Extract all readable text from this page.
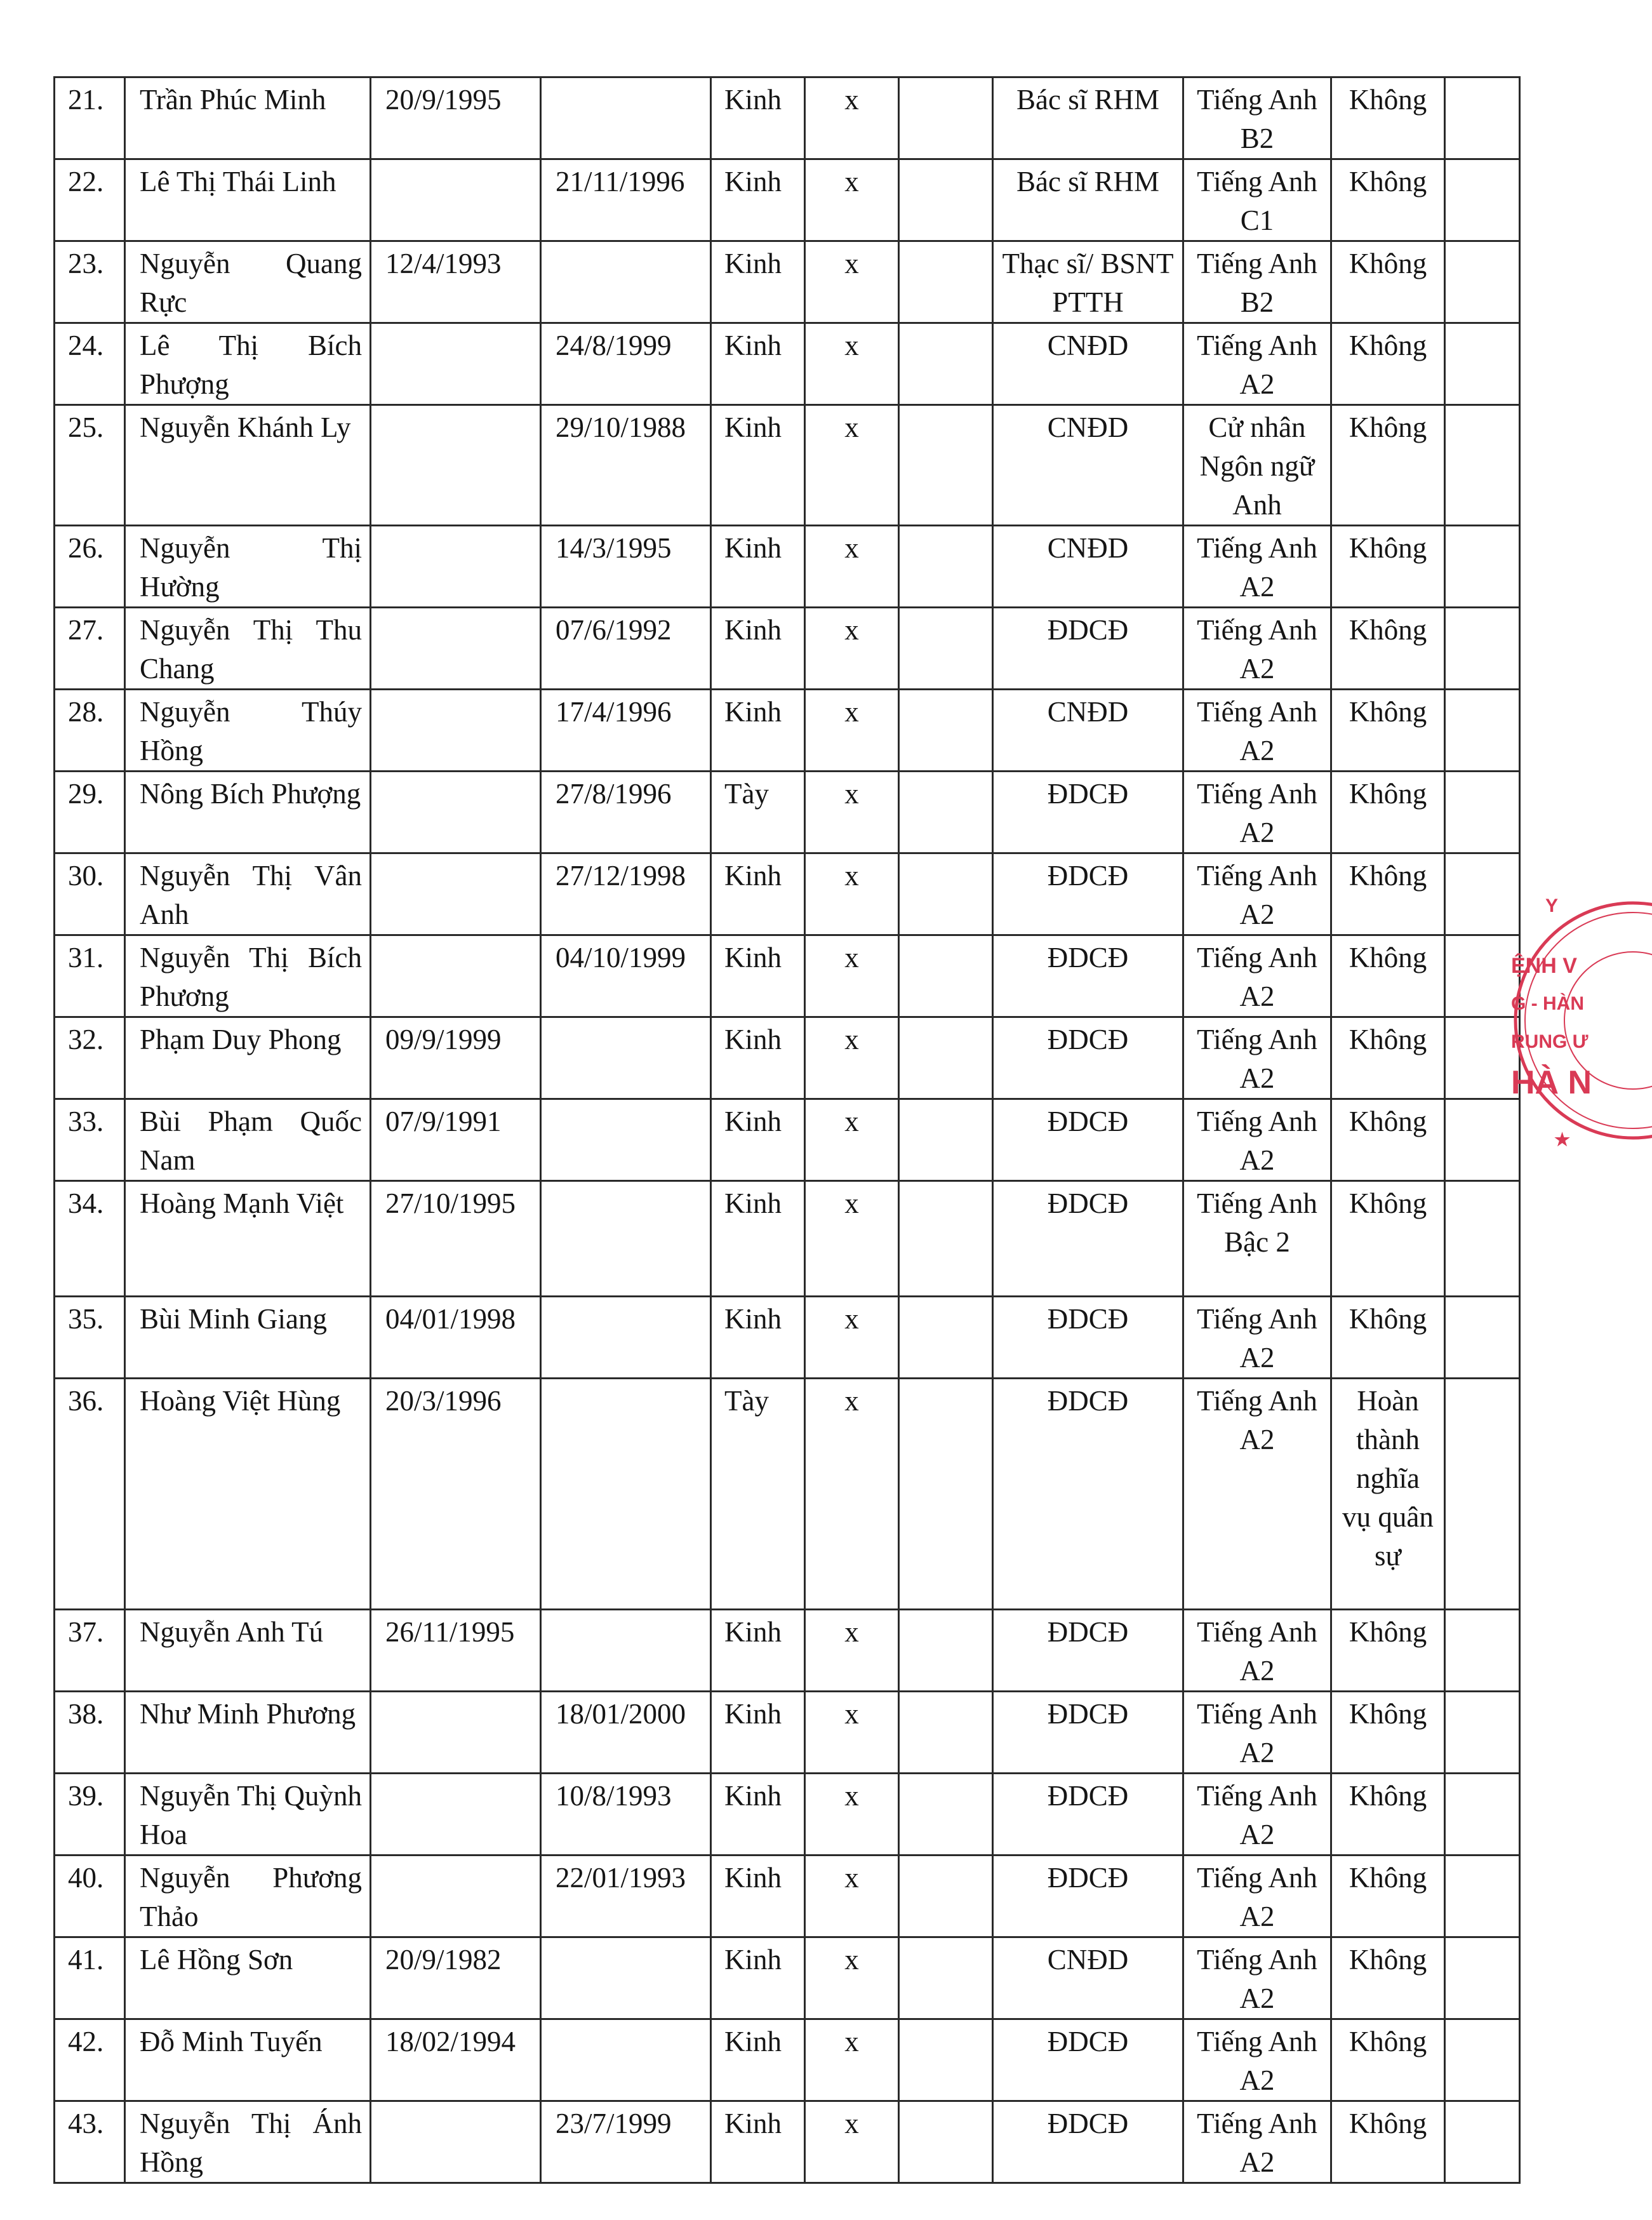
21.	Trần Phúc Minh	20/9/1995		Kinh	x		Bác sĩ RHM	Tiếng Anh B2	Không	
22.	Lê Thị Thái Linh		21/11/1996	Kinh	x		Bác sĩ RHM	Tiếng Anh C1	Không	
23.	Nguyễn Quang Rực	12/4/1993		Kinh	x		Thạc sĩ/ BSNT PTTH	Tiếng Anh B2	Không	
24.	Lê Thị Bích Phượng		24/8/1999	Kinh	x		CNĐD	Tiếng Anh A2	Không	
25.	Nguyễn Khánh Ly		29/10/1988	Kinh	x		CNĐD	Cử nhân Ngôn ngữ Anh	Không	
26.	Nguyễn Thị Hường		14/3/1995	Kinh	x		CNĐD	Tiếng Anh A2	Không	
27.	Nguyễn Thị Thu Chang		07/6/1992	Kinh	x		ĐDCĐ	Tiếng Anh A2	Không	
28.	Nguyễn Thúy Hồng		17/4/1996	Kinh	x		CNĐD	Tiếng Anh A2	Không	
29.	Nông Bích Phượng		27/8/1996	Tày	x		ĐDCĐ	Tiếng Anh A2	Không	
30.	Nguyễn Thị Vân Anh		27/12/1998	Kinh	x		ĐDCĐ	Tiếng Anh A2	Không	
31.	Nguyễn Thị Bích Phương		04/10/1999	Kinh	x		ĐDCĐ	Tiếng Anh A2	Không	
32.	Phạm Duy Phong	09/9/1999		Kinh	x		ĐDCĐ	Tiếng Anh A2	Không	
33.	Bùi Phạm Quốc Nam	07/9/1991		Kinh	x		ĐDCĐ	Tiếng Anh A2	Không	
34.	Hoàng Mạnh Việt	27/10/1995		Kinh	x		ĐDCĐ	Tiếng Anh Bậc 2	Không	
35.	Bùi Minh Giang	04/01/1998		Kinh	x		ĐDCĐ	Tiếng Anh A2	Không	
36.	Hoàng Việt Hùng	20/3/1996		Tày	x		ĐDCĐ	Tiếng Anh A2	Hoàn thành nghĩa vụ quân sự	
37.	Nguyễn Anh Tú	26/11/1995		Kinh	x		ĐDCĐ	Tiếng Anh A2	Không	
38.	Như Minh Phương		18/01/2000	Kinh	x		ĐDCĐ	Tiếng Anh A2	Không	
39.	Nguyễn Thị Quỳnh Hoa		10/8/1993	Kinh	x		ĐDCĐ	Tiếng Anh A2	Không	
40.	Nguyễn Phương Thảo		22/01/1993	Kinh	x		ĐDCĐ	Tiếng Anh A2	Không	
41.	Lê Hồng Sơn	20/9/1982		Kinh	x		CNĐD	Tiếng Anh A2	Không	
42.	Đỗ Minh Tuyến	18/02/1994		Kinh	x		ĐDCĐ	Tiếng Anh A2	Không	
43.	Nguyễn Thị Ánh Hồng		23/7/1999	Kinh	x		ĐDCĐ	Tiếng Anh A2	Không	
Y
ỆNH V
G - HÀN
RUNG Ư
HÀ N
★
